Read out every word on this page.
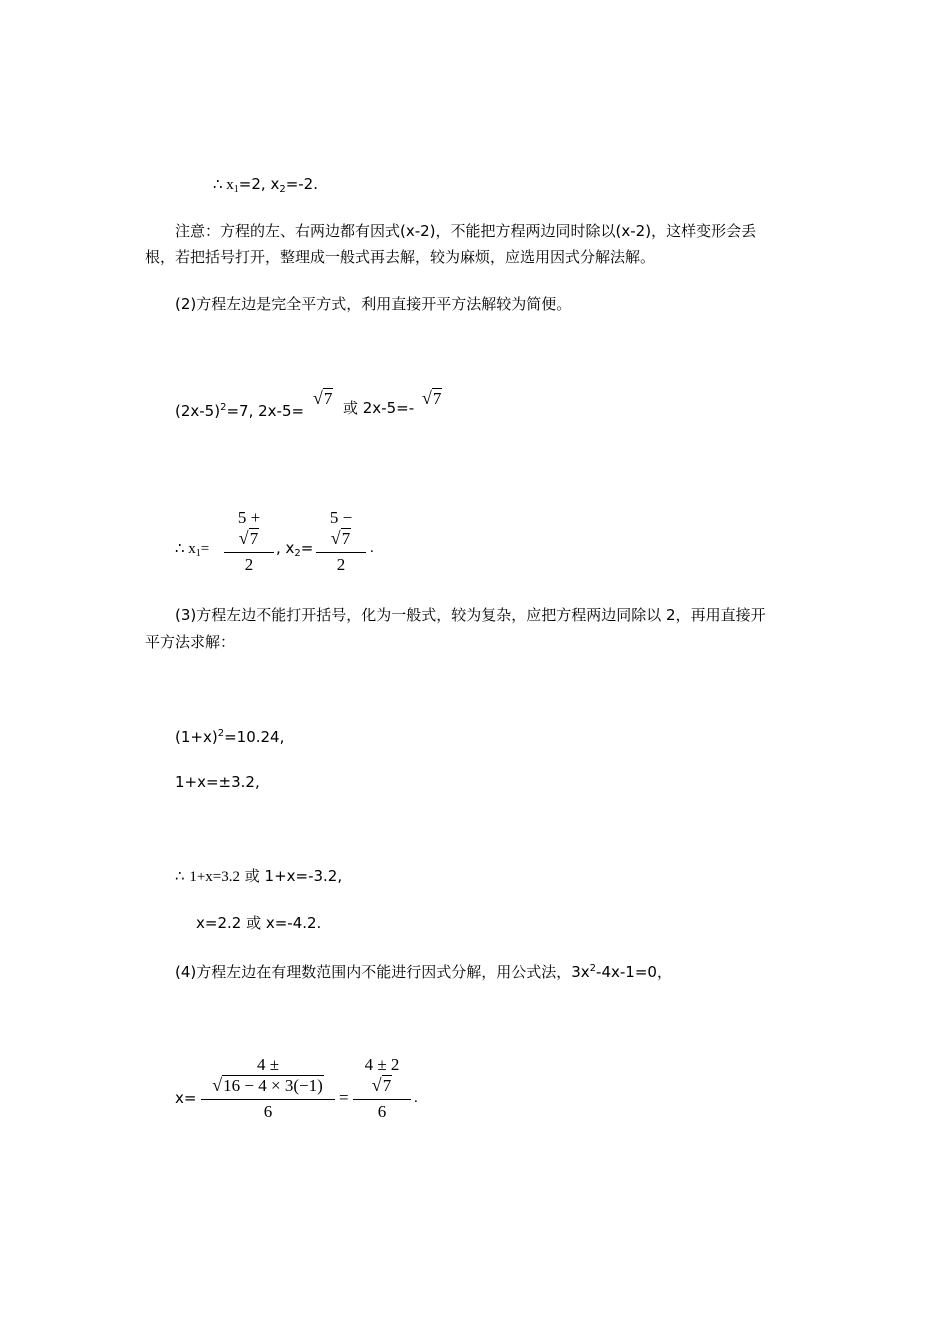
∴ $x_1=2$, $x_2=-2$.
注意：方程的左、右两边都有因式(x-2)，不能把方程两边同时除以(x-2)，这样变形会丢
根，若把括号打开，整理成一般式再去解，较为麻烦，应选用因式分解法解。
(2)方程左边是完全平方式，利用直接开平方法解较为简便。
$(2x-5)^2=7$, 2x-5=
√7 或 2x-5=- √7
∴ $x_1= \frac{5 + √7}{2}$ , $x_2= \frac{5 - √7}{2}$ .
(3)方程左边不能打开括号，化为一般式，较为复杂，应把方程两边同除以 2，再用直接开
平方法求解：
$(1+x)^2=10.24$,
1+x=±3.2,
∴ 1+x=3.2 或 1+x=-3.2,
x=2.2 或 x=-4.2.
(4)方程左边在有理数范围内不能进行因式分解，用公式法，$3x^2-4x-1=0$，
$x= \frac{4 \pm √16 - 4 \times 3(-1)}{6} = \frac{4 \pm 2√7}{6}$ .
